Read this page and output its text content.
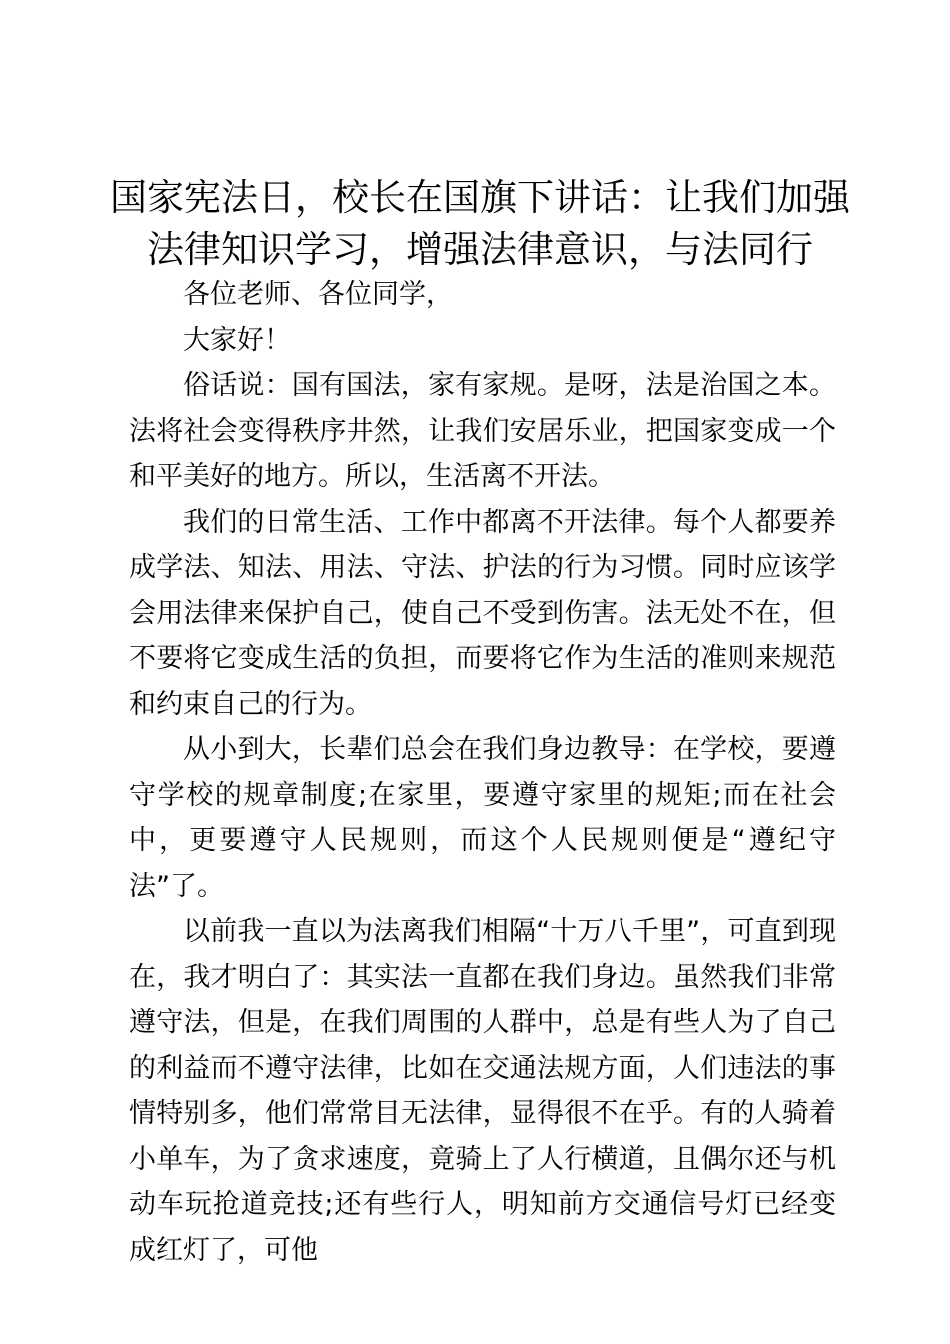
国家宪法日，校长在国旗下讲话：让我们加强法律知识学习，增强法律意识，与法同行

各位老师、各位同学，

大家好！

俗话说：国有国法，家有家规。是呀，法是治国之本。法将社会变得秩序井然，让我们安居乐业，把国家变成一个和平美好的地方。所以，生活离不开法。

我们的日常生活、工作中都离不开法律。每个人都要养成学法、知法、用法、守法、护法的行为习惯。同时应该学会用法律来保护自己，使自己不受到伤害。法无处不在，但不要将它变成生活的负担，而要将它作为生活的准则来规范和约束自己的行为。

从小到大，长辈们总会在我们身边教导：在学校，要遵守学校的规章制度;在家里，要遵守家里的规矩;而在社会中，更要遵守人民规则，而这个人民规则便是“遵纪守法”了。

以前我一直以为法离我们相隔“十万八千里”，可直到现在，我才明白了：其实法一直都在我们身边。虽然我们非常遵守法，但是，在我们周围的人群中，总是有些人为了自己的利益而不遵守法律，比如在交通法规方面，人们违法的事情特别多，他们常常目无法律，显得很不在乎。有的人骑着小单车，为了贪求速度，竟骑上了人行横道，且偶尔还与机动车玩抢道竞技;还有些行人，明知前方交通信号灯已经变成红灯了，可他
